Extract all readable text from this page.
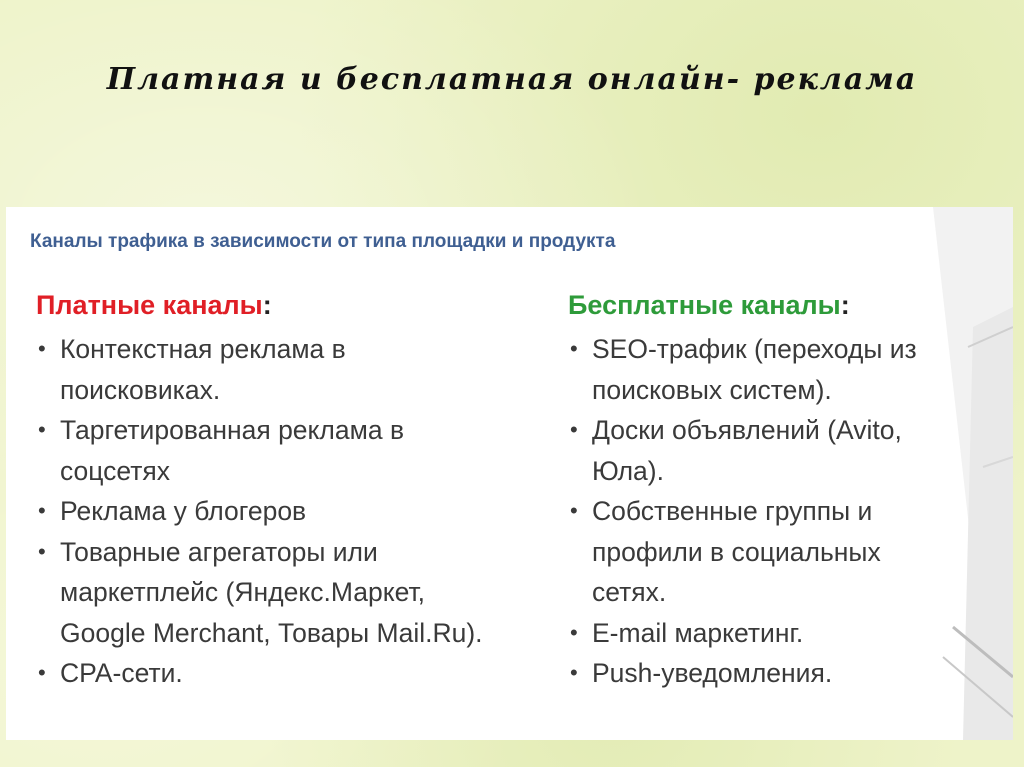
Платная и бесплатная онлайн- реклама
Каналы трафика в зависимости от типа площадки и продукта
Платные каналы:
• Контекстная реклама в поисковиках.
• Таргетированная реклама в соцсетях
• Реклама у блогеров
• Товарные агрегаторы или маркетплейс (Яндекс.Маркет, Google Merchant, Товары Mail.Ru).
• CPA-сети.
Бесплатные каналы:
• SEO-трафик (переходы из поисковых систем).
• Доски объявлений (Avito, Юла).
• Собственные группы и профили в социальных сетях.
• E-mail маркетинг.
• Push-уведомления.
